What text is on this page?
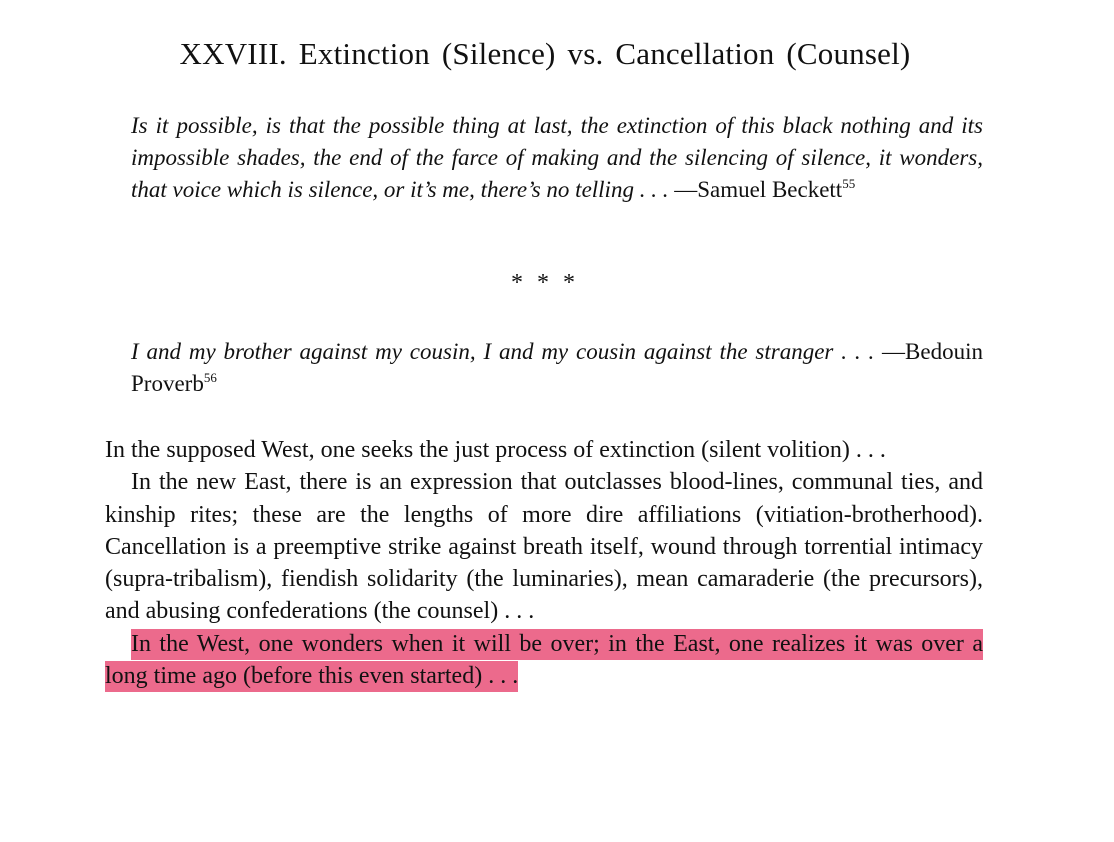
XXVIII. Extinction (Silence) vs. Cancellation (Counsel)
Is it possible, is that the possible thing at last, the extinction of this black nothing and its impossible shades, the end of the farce of making and the silencing of silence, it wonders, that voice which is silence, or it’s me, there’s no telling . . . —Samuel Beckett$^{55}$
* * *
I and my brother against my cousin, I and my cousin against the stranger . . . —Bedouin Proverb$^{56}$

In the supposed West, one seeks the just process of extinction (silent volition) . . .

In the new East, there is an expression that outclasses blood-lines, communal ties, and kinship rites; these are the lengths of more dire affiliations (vitiation-brotherhood). Cancellation is a preemptive strike against breath itself, wound through torrential intimacy (supra-tribalism), fiendish solidarity (the luminaries), mean camaraderie (the precursors), and abusing confederations (the counsel) . . .

In the West, one wonders when it will be over; in the East, one realizes it was over a long time ago (before this even started) . . .
